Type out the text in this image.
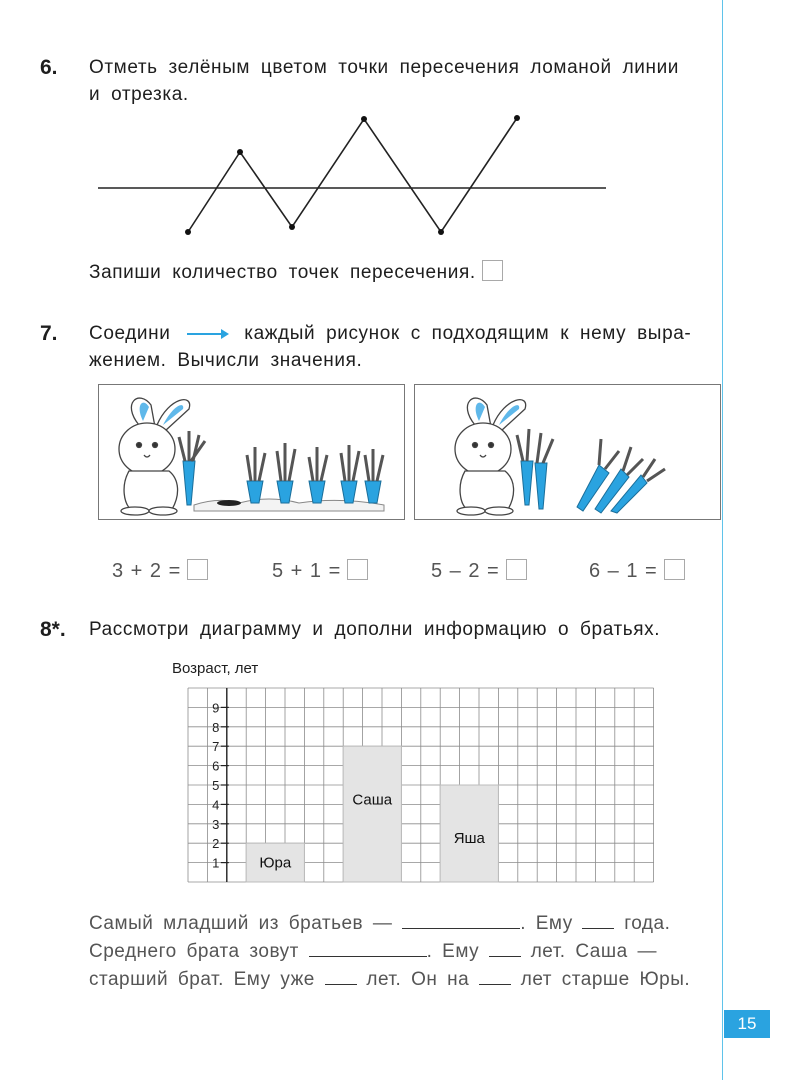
6. Отметь зелёным цветом точки пересечения ломаной линии
и отрезка.
Запиши количество точек пересечения.
7. Соедини	каждый рисунок с подходящим к нему выра-
жением. Вычисли значения.
3 + 2 =	5 + 1 =	5 – 2 =	6 – 1 =
8*. Рассмотри диаграмму и дополни информацию о братьях.
Возраст, лет
1
2
3
4
5
6
7
8
9
Юра
Саша
Яша
Самый младший из братьев —	. Ему	года.
Среднего брата зовут	. Ему	лет. Саша —
старший брат. Ему уже	лет. Он на	лет старше Юры.
15
